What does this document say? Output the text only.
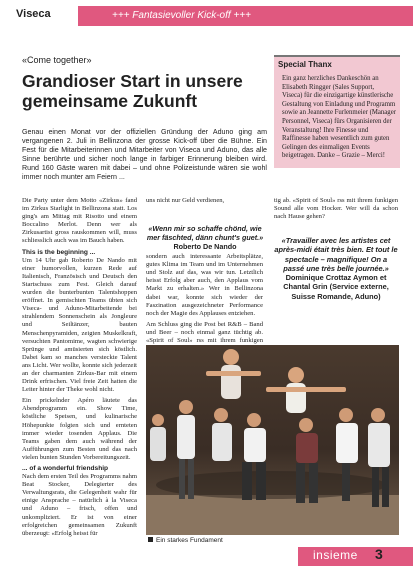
Viseca	+++ Fantasievoller Kick-off +++
«Come together»
Grandioser Start in unsere gemeinsame Zukunft

Genau einen Monat vor der offiziellen Gründung der Aduno ging am vergangenen 2. Juli in Bellinzona der grosse Kick-off über die Bühne. Ein Fest für die Mitarbeiterinnen und Mitarbeiter von Viseca und Aduno, das alle Sinne berührte und sicher noch lange in farbiger Erinnerung bleiben wird. Rund 160 Gäste waren mit dabei – und ohne Polizeistunde wären sie wohl immer noch munter am Feiern ...

Special Thanx

Ein ganz herzliches Dankeschön an Elisabeth Ringger (Sales Support, Viseca) für die einzigartige künstlerische Gestaltung von Einladung und Programm sowie an Jeannette Furlenmeier (Manager Personnel, Viseca) fürs Organisieren der Veranstaltung! Ihre Finesse und Raffinesse haben wesentlich zum guten Gelingen des einmaligen Events beigetragen. Danke – Grazie – Merci!

Die Party unter dem Motto «Zirkus» fand im Zirkus Starlight in Bellinzona statt. Los ging's am Mittag mit Risotto und einem Boccalino Merlot. Denn wer als Zirkusartist gross rauskommen will, muss schliesslich auch was im Bauch haben.

This is the beginning ...

Um 14 Uhr gab Roberto De Nando mit einer humorvollen, kurzen Rede auf Italienisch, Französisch und Deutsch den Startschuss zum Fest. Gleich darauf wurden die bunterbunten Talentshoppen eröffnet. In gemischten Teams übten sich Viseca- und Aduno-Mitarbeitende bei strahlendem Sonnenschein als Jongleure und Seiltänzer, bauten Menschenpyramiden, zeigten Muskelkraft, versuchten Pantomime, wagten schwierige Sprünge und amüsierten sich köstlich. Dabei kam so manches versteckte Talent ans Licht. Wer wollte, konnte sich jederzeit an der charmanten Zirkus-Bar mit einem Drink erfrischen. Viel freie Zeit hatten die Leiter hinter der Theke wohl nicht.

Ein prickelnder Apéro läutete das Abendprogramm ein. Show Time, köstliche Speisen, und kulinarische Höhepunkte folgten sich und ernteten immer wieder tosenden Applaus. Die Teams gaben dem auch während der Aufführungen zum Besten und das nach vielen bunten Stunden Vorbereitungszeit.

... of a wonderful friendship

Nach dem ersten Teil des Programms nahm Beat Stocker, Delegierter des Verwaltungsrats, die Gelegenheit wahr für einige Ansprache – natürlich à la Viseca und Aduno – frisch, offen und unkompliziert. Er ist von einer erfolgreichen gemeinsamen Zukunft überzeugt: «Erfolg heisst für

uns nicht nur Geld verdienen,

sondern auch interessante Arbeitsplätze, gutes Klima im Team und im Unternehmen und Stolz auf das, was wir tun. Letztlich heisst Erfolg aber auch, den Applaus vom Markt zu erhalten.» Wer in Bellinzona dabei war, konnte sich wieder der Faszination ausgezeichneter Performance noch der Magie des Applauses entziehen.

Am Schluss ging die Post bei R&B – Band und Beer – noch einmal ganz tüchtig ab. «Spirit of Soul» rss mit ihrem funkigen

«Wenn mir so schaffe chönd, wie mer fäschted, dänn chunt's guet.» Roberto De Nando

tig ab. «Spirit of Soul» rss mit ihrem funkigen Sound alle vom Hocker. Wer will da schon nach Hause gehen?

«Travailler avec les artistes cet après-midi était très bien. Et tout le spectacle – magnifique! On a passé une très belle journée.»
Dominique Crottaz Aymon et Chantal Grin (Service externe, Suisse Romande, Aduno)

Ein starkes Fundament
insieme 3
